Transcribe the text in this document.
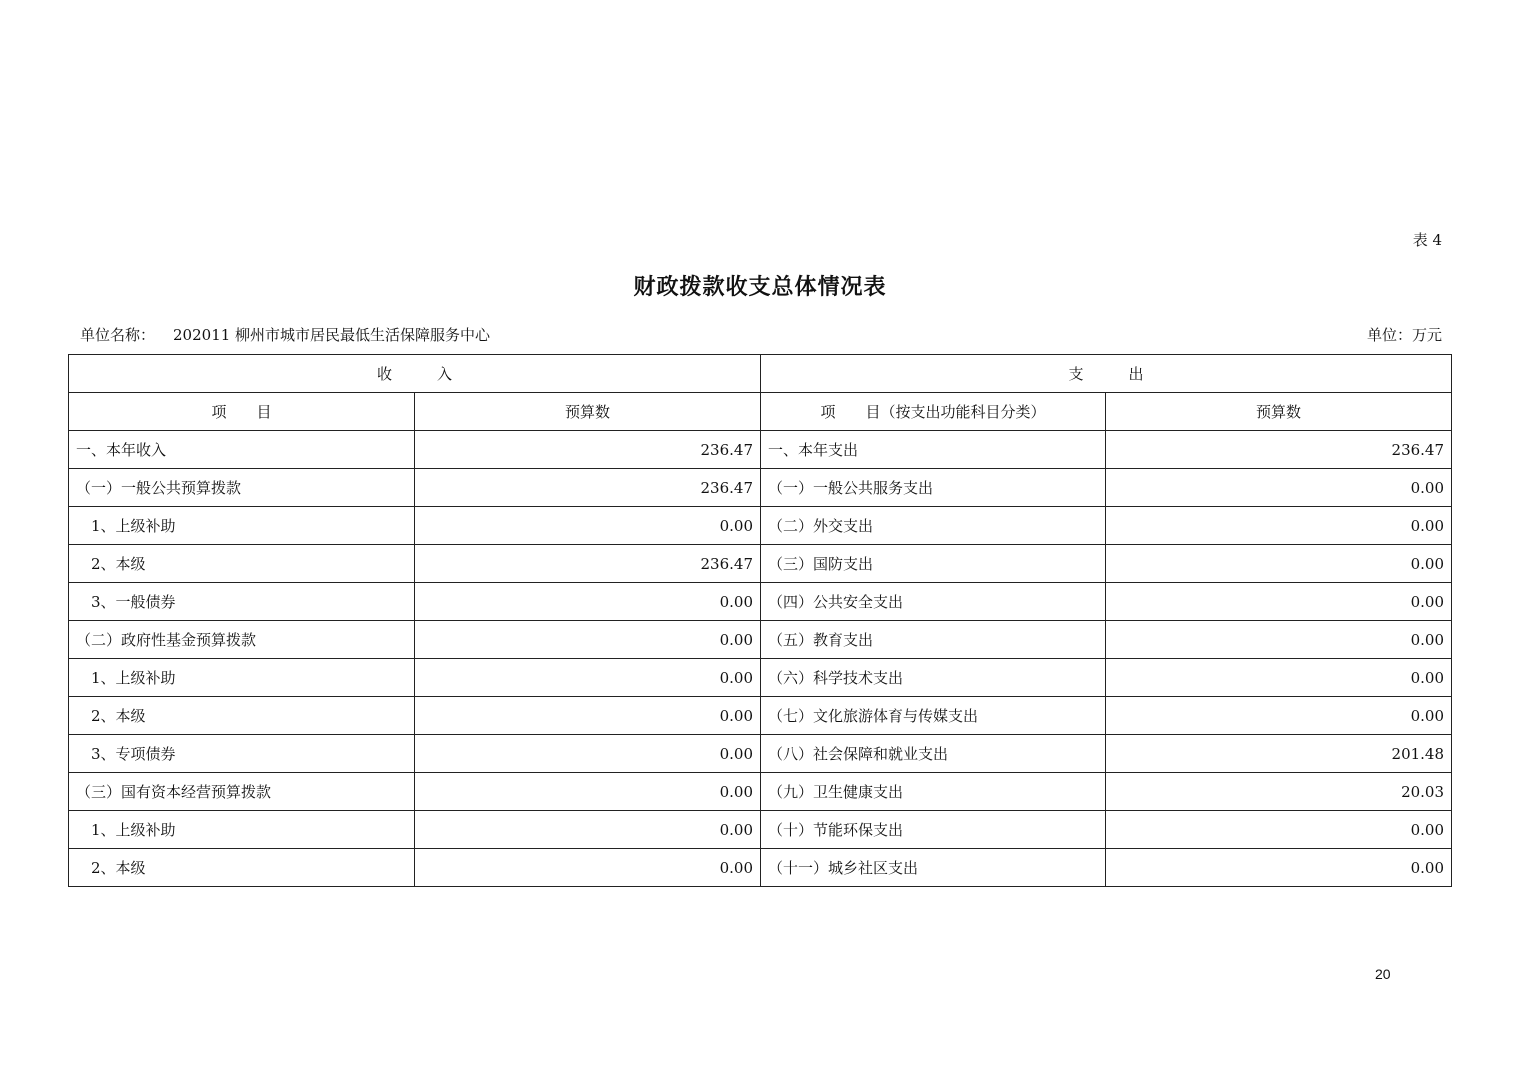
表 4
财政拨款收支总体情况表
单位名称： 202011 柳州市城市居民最低生活保障服务中心	单位：万元
收　　　入		支　　　出	
项　　目	预算数	项　　目（按支出功能科目分类）	预算数
一、本年收入	236.47	一、本年支出	236.47
（一）一般公共预算拨款	236.47	（一）一般公共服务支出	0.00
　1、上级补助	0.00	（二）外交支出	0.00
　2、本级	236.47	（三）国防支出	0.00
　3、一般债券	0.00	（四）公共安全支出	0.00
（二）政府性基金预算拨款	0.00	（五）教育支出	0.00
　1、上级补助	0.00	（六）科学技术支出	0.00
　2、本级	0.00	（七）文化旅游体育与传媒支出	0.00
　3、专项债券	0.00	（八）社会保障和就业支出	201.48
（三）国有资本经营预算拨款	0.00	（九）卫生健康支出	20.03
　1、上级补助	0.00	（十）节能环保支出	0.00
　2、本级	0.00	（十一）城乡社区支出	0.00
20
